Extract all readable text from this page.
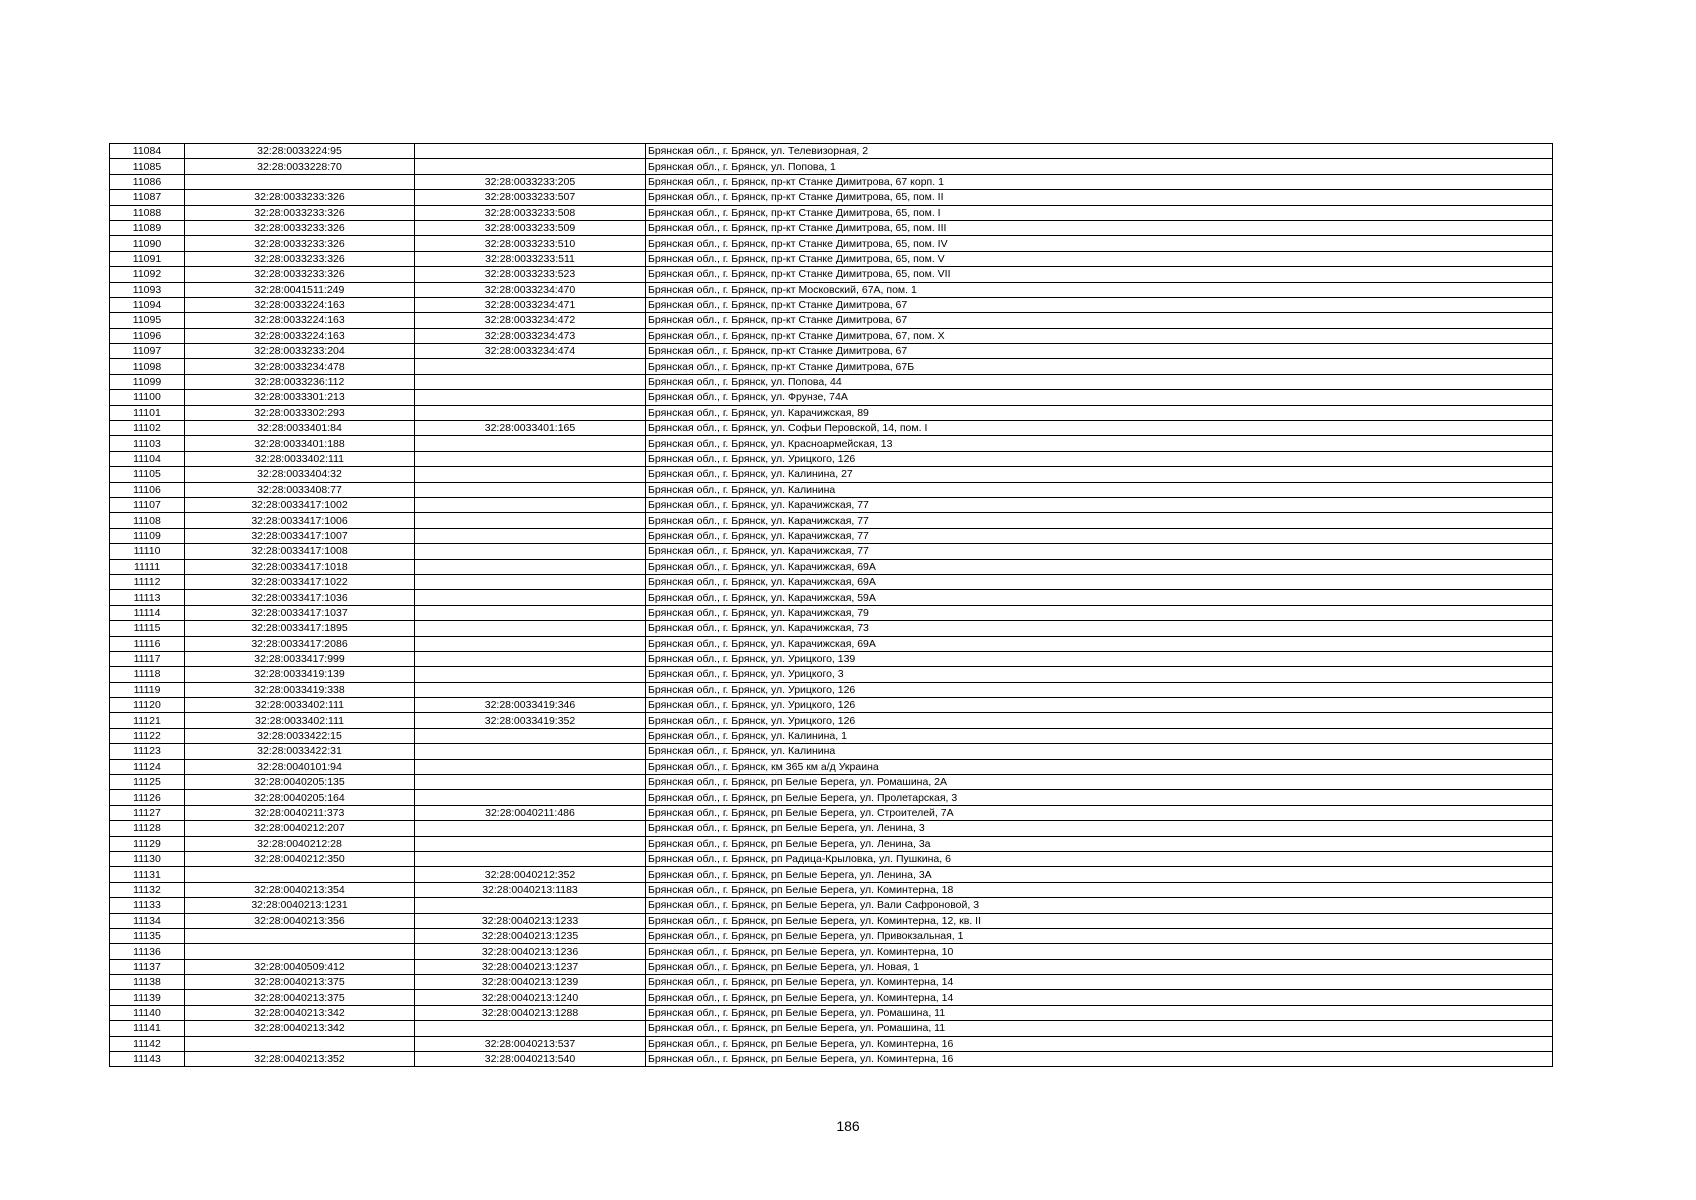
11084	32:28:0033224:95		Брянская обл., г. Брянск, ул. Телевизорная, 2
11085	32:28:0033228:70		Брянская обл., г. Брянск, ул. Попова, 1
11086		32:28:0033233:205	Брянская обл., г. Брянск, пр-кт Станке Димитрова, 67 корп. 1
11087	32:28:0033233:326	32:28:0033233:507	Брянская обл., г. Брянск, пр-кт Станке Димитрова, 65, пом. II
11088	32:28:0033233:326	32:28:0033233:508	Брянская обл., г. Брянск, пр-кт Станке Димитрова, 65, пом. I
11089	32:28:0033233:326	32:28:0033233:509	Брянская обл., г. Брянск, пр-кт Станке Димитрова, 65, пом. III
11090	32:28:0033233:326	32:28:0033233:510	Брянская обл., г. Брянск, пр-кт Станке Димитрова, 65, пом. IV
11091	32:28:0033233:326	32:28:0033233:511	Брянская обл., г. Брянск, пр-кт Станке Димитрова, 65, пом. V
11092	32:28:0033233:326	32:28:0033233:523	Брянская обл., г. Брянск, пр-кт Станке Димитрова, 65, пом. VII
11093	32:28:0041511:249	32:28:0033234:470	Брянская обл., г. Брянск, пр-кт Московский, 67А, пом. 1
11094	32:28:0033224:163	32:28:0033234:471	Брянская обл., г. Брянск, пр-кт Станке Димитрова, 67
11095	32:28:0033224:163	32:28:0033234:472	Брянская обл., г. Брянск, пр-кт Станке Димитрова, 67
11096	32:28:0033224:163	32:28:0033234:473	Брянская обл., г. Брянск, пр-кт Станке Димитрова, 67, пом. X
11097	32:28:0033233:204	32:28:0033234:474	Брянская обл., г. Брянск, пр-кт Станке Димитрова, 67
11098	32:28:0033234:478		Брянская обл., г. Брянск, пр-кт Станке Димитрова, 67Б
11099	32:28:0033236:112		Брянская обл., г. Брянск, ул. Попова, 44
11100	32:28:0033301:213		Брянская обл., г. Брянск, ул. Фрунзе, 74А
11101	32:28:0033302:293		Брянская обл., г. Брянск, ул. Карачижская, 89
11102	32:28:0033401:84	32:28:0033401:165	Брянская обл., г. Брянск, ул. Софьи Перовской, 14, пом. I
11103	32:28:0033401:188		Брянская обл., г. Брянск, ул. Красноармейская, 13
11104	32:28:0033402:111		Брянская обл., г. Брянск, ул. Урицкого, 126
11105	32:28:0033404:32		Брянская обл., г. Брянск, ул. Калинина, 27
11106	32:28:0033408:77		Брянская обл., г. Брянск, ул. Калинина
11107	32:28:0033417:1002		Брянская обл., г. Брянск, ул. Карачижская, 77
11108	32:28:0033417:1006		Брянская обл., г. Брянск, ул. Карачижская, 77
11109	32:28:0033417:1007		Брянская обл., г. Брянск, ул. Карачижская, 77
11110	32:28:0033417:1008		Брянская обл., г. Брянск, ул. Карачижская, 77
11111	32:28:0033417:1018		Брянская обл., г. Брянск, ул. Карачижская, 69А
11112	32:28:0033417:1022		Брянская обл., г. Брянск, ул. Карачижская, 69А
11113	32:28:0033417:1036		Брянская обл., г. Брянск, ул. Карачижская, 59А
11114	32:28:0033417:1037		Брянская обл., г. Брянск, ул. Карачижская, 79
11115	32:28:0033417:1895		Брянская обл., г. Брянск, ул. Карачижская, 73
11116	32:28:0033417:2086		Брянская обл., г. Брянск, ул. Карачижская, 69А
11117	32:28:0033417:999		Брянская обл., г. Брянск, ул. Урицкого, 139
11118	32:28:0033419:139		Брянская обл., г. Брянск, ул. Урицкого, 3
11119	32:28:0033419:338		Брянская обл., г. Брянск, ул. Урицкого, 126
11120	32:28:0033402:111	32:28:0033419:346	Брянская обл., г. Брянск, ул. Урицкого, 126
11121	32:28:0033402:111	32:28:0033419:352	Брянская обл., г. Брянск, ул. Урицкого, 126
11122	32:28:0033422:15		Брянская обл., г. Брянск, ул. Калинина, 1
11123	32:28:0033422:31		Брянская обл., г. Брянск, ул. Калинина
11124	32:28:0040101:94		Брянская обл., г. Брянск, км 365 км а/д Украина
11125	32:28:0040205:135		Брянская обл., г. Брянск, рп Белые Берега, ул. Ромашина, 2А
11126	32:28:0040205:164		Брянская обл., г. Брянск, рп Белые Берега, ул. Пролетарская, 3
11127	32:28:0040211:373	32:28:0040211:486	Брянская обл., г. Брянск, рп Белые Берега, ул. Строителей, 7А
11128	32:28:0040212:207		Брянская обл., г. Брянск, рп Белые Берега, ул. Ленина, 3
11129	32:28:0040212:28		Брянская обл., г. Брянск, рп Белые Берега, ул. Ленина, 3а
11130	32:28:0040212:350		Брянская обл., г. Брянск, рп Радица-Крыловка, ул. Пушкина, 6
11131		32:28:0040212:352	Брянская обл., г. Брянск, рп Белые Берега, ул. Ленина, 3А
11132	32:28:0040213:354	32:28:0040213:1183	Брянская обл., г. Брянск, рп Белые Берега, ул. Коминтерна, 18
11133	32:28:0040213:1231		Брянская обл., г. Брянск, рп Белые Берега, ул. Вали Сафроновой, 3
11134	32:28:0040213:356	32:28:0040213:1233	Брянская обл., г. Брянск, рп Белые Берега, ул. Коминтерна, 12, кв. II
11135		32:28:0040213:1235	Брянская обл., г. Брянск, рп Белые Берега, ул. Привокзальная, 1
11136		32:28:0040213:1236	Брянская обл., г. Брянск, рп Белые Берега, ул. Коминтерна, 10
11137	32:28:0040509:412	32:28:0040213:1237	Брянская обл., г. Брянск, рп Белые Берега, ул. Новая, 1
11138	32:28:0040213:375	32:28:0040213:1239	Брянская обл., г. Брянск, рп Белые Берега, ул. Коминтерна, 14
11139	32:28:0040213:375	32:28:0040213:1240	Брянская обл., г. Брянск, рп Белые Берега, ул. Коминтерна, 14
11140	32:28:0040213:342	32:28:0040213:1288	Брянская обл., г. Брянск, рп Белые Берега, ул. Ромашина, 11
11141	32:28:0040213:342		Брянская обл., г. Брянск, рп Белые Берега, ул. Ромашина, 11
11142		32:28:0040213:537	Брянская обл., г. Брянск, рп Белые Берега, ул. Коминтерна, 16
11143	32:28:0040213:352	32:28:0040213:540	Брянская обл., г. Брянск, рп Белые Берега, ул. Коминтерна, 16
186
